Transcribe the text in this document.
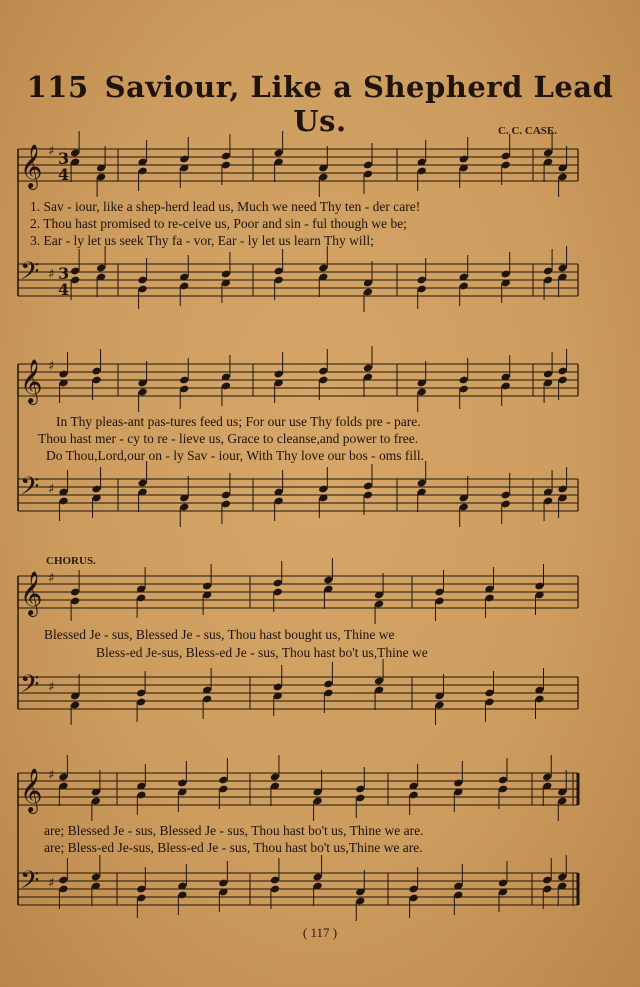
115 Saviour, Like a Shepherd Lead Us.	C. C. CASE.
𝄞 ♯ 3
4
𝄢 ♯ 3
4
𝄞 ♯
𝄢 ♯
𝄞 ♯
𝄢 ♯
𝄞 ♯
𝄢 ♯
1. Sav - iour, like a shep-herd lead us, Much we need Thy ten - der care!
2. Thou hast promised to re-ceive us, Poor and sin - ful though we be;
3. Ear - ly let us seek Thy fa - vor, Ear - ly let us learn Thy will;
In Thy pleas-ant pas-tures feed us; For our use Thy folds pre - pare.
Thou hast mer - cy to re - lieve us, Grace to cleanse,and power to free.
Do Thou,Lord,our on - ly Sav - iour, With Thy love our bos - oms fill.
CHORUS.
Blessed Je - sus, Blessed Je - sus, Thou hast bought us, Thine we
Bless-ed Je-sus, Bless-ed Je - sus, Thou hast bo't us,Thine we
are; Blessed Je - sus, Blessed Je - sus, Thou hast bo't us, Thine we are.
are; Bless-ed Je-sus, Bless-ed Je - sus, Thou hast bo't us,Thine we are.
( 117 )
